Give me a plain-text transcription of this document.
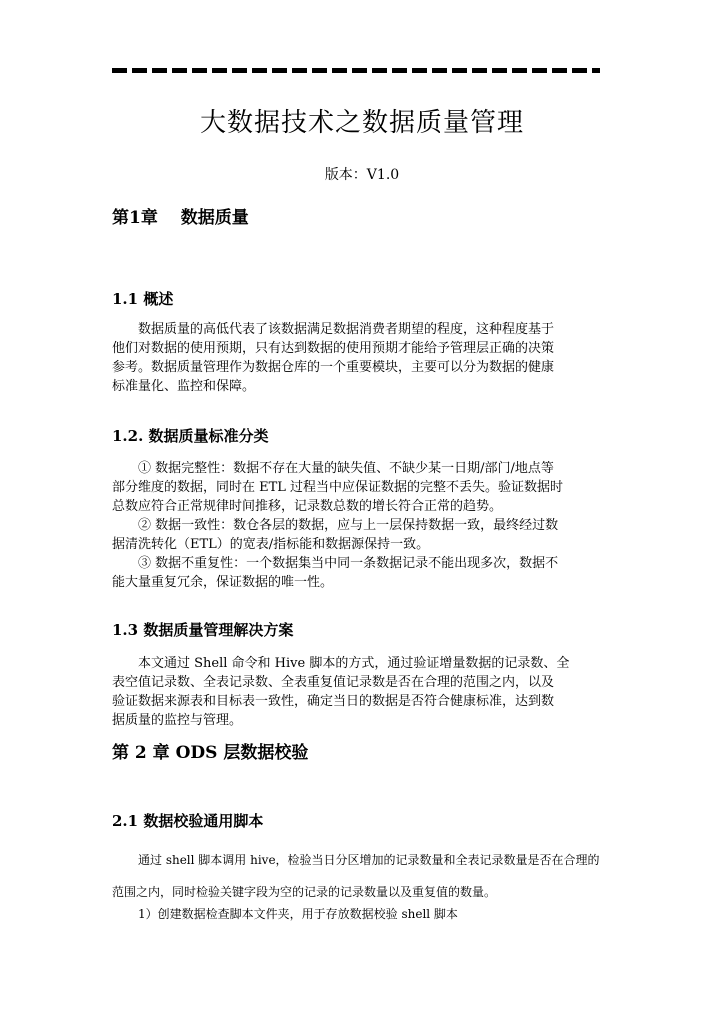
大数据技术之数据质量管理
版本：V1.0
第1章　 数据质量
1.1 概述
数据质量的高低代表了该数据满足数据消费者期望的程度，这种程度基于
他们对数据的使用预期，只有达到数据的使用预期才能给予管理层正确的决策
参考。数据质量管理作为数据仓库的一个重要模块，主要可以分为数据的健康
标准量化、监控和保障。
1.2. 数据质量标准分类
① 数据完整性：数据不存在大量的缺失值、不缺少某一日期/部门/地点等
部分维度的数据，同时在 ETL 过程当中应保证数据的完整不丢失。验证数据时
总数应符合正常规律时间推移，记录数总数的增长符合正常的趋势。
② 数据一致性：数仓各层的数据，应与上一层保持数据一致，最终经过数
据清洗转化（ETL）的宽表/指标能和数据源保持一致。
③ 数据不重复性：一个数据集当中同一条数据记录不能出现多次，数据不
能大量重复冗余，保证数据的唯一性。
1.3 数据质量管理解决方案
本文通过 Shell 命令和 Hive 脚本的方式，通过验证增量数据的记录数、全
表空值记录数、全表记录数、全表重复值记录数是否在合理的范围之内，以及
验证数据来源表和目标表一致性，确定当日的数据是否符合健康标准，达到数
据质量的监控与管理。
第 2 章 ODS 层数据校验
2.1 数据校验通用脚本
通过 shell 脚本调用 hive，检验当日分区增加的记录数量和全表记录数量是否在合理的
范围之内，同时检验关键字段为空的记录的记录数量以及重复值的数量。
1）创建数据检查脚本文件夹，用于存放数据校验 shell 脚本
